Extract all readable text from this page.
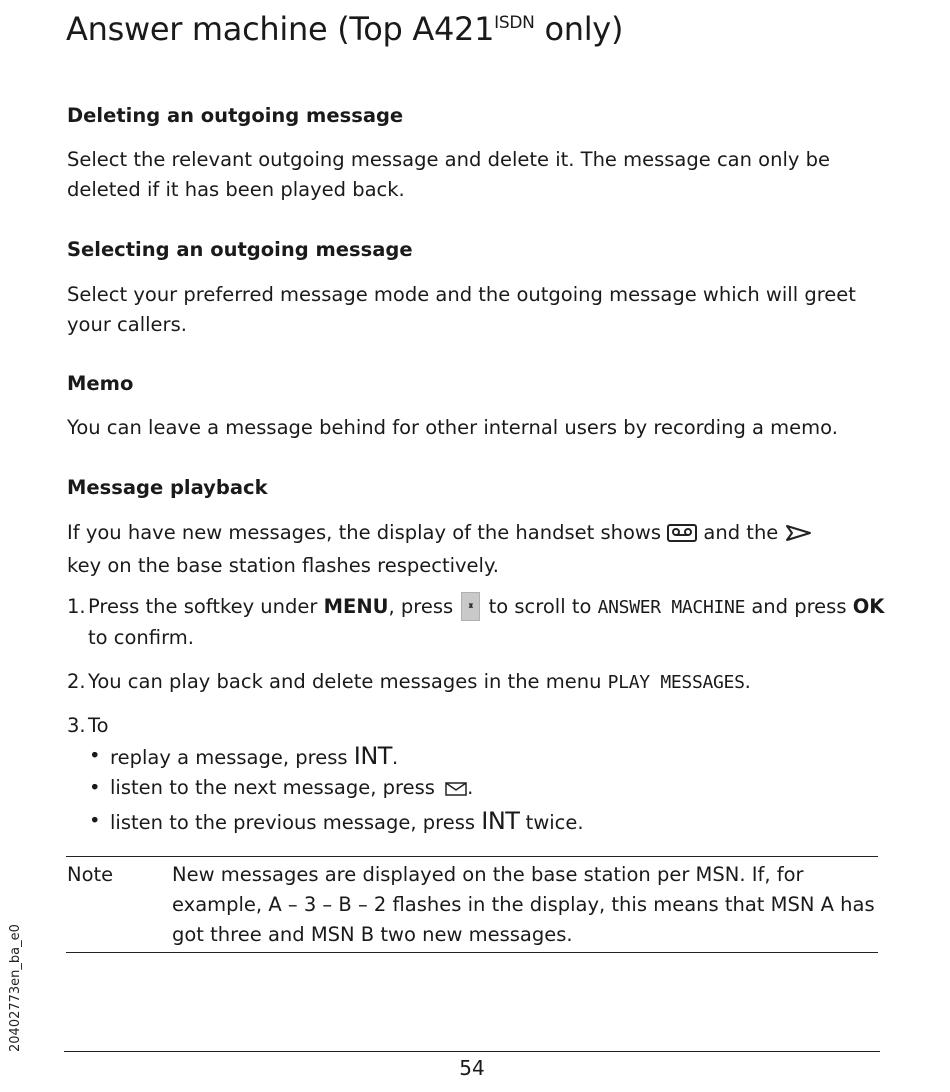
Answer machine (Top $A421^{ISDN}$ only)
Deleting an outgoing message

Select the relevant outgoing message and delete it. The message can only be deleted if it has been played back.

Selecting an outgoing message

Select your preferred message mode and the outgoing message which will greet your callers.

Memo

You can leave a message behind for other internal users by recording a memo.

Message playback

If you have new messages, the display of the handset shows  and the  key on the base station flashes respectively.

1. Press the softkey under MENU, press ▴ ▾ to scroll to ANSWER MACHINE and press OK
to confirm.
2. You can play back and delete messages in the menu PLAY MESSAGES.
3. To
• replay a message, press INT.
• listen to the next message, press .
• listen to the previous message, press INT twice.

Note	New messages are displayed on the base station per MSN. If, for example, A – 3 – B – 2 flashes in the display, this means that MSN A has got three and MSN B two new messages.

20402773en_ba_e0
54
